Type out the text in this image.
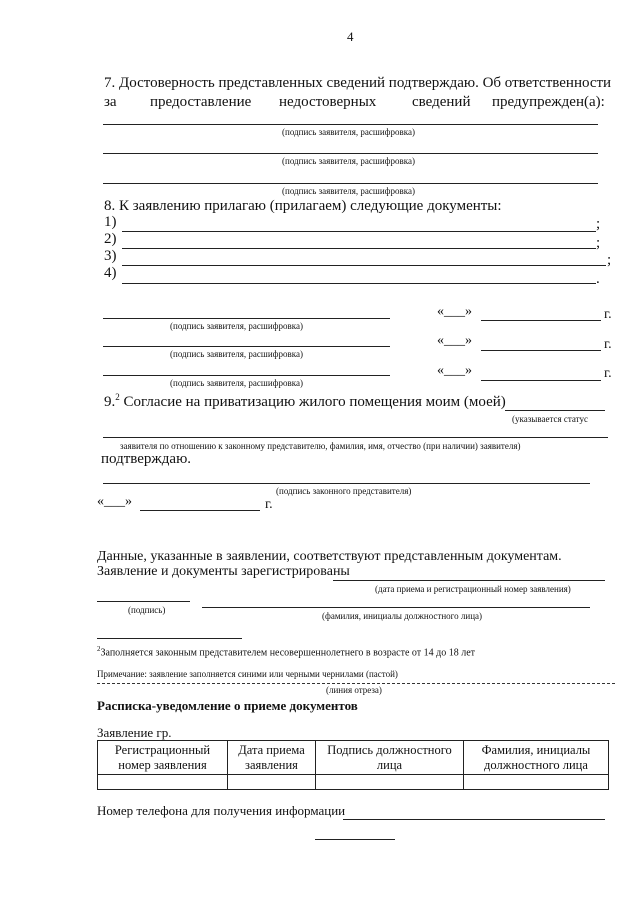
4
7. Достоверность представленных сведений подтверждаю. Об ответственности
за предоставление недостоверных сведений предупрежден(а):
(подпись заявителя, расшифровка)
(подпись заявителя, расшифровка)
(подпись заявителя, расшифровка)
8. К заявлению прилагаю (прилагаем) следующие документы:
1)	;
2)	;
3)	;
4)	.
(подпись заявителя, расшифровка)
«___»	г.
(подпись заявителя, расшифровка)
«___»	г.
(подпись заявителя, расшифровка)
«___»	г.
9.$^2$ Согласие на приватизацию жилого помещения моим (моей)
(указывается статус
заявителя по отношению к законному представителю, фамилия, имя, отчество (при наличии) заявителя)
подтверждаю.
(подпись законного представителя)
«___»	г.
Данные, указанные в заявлении, соответствуют представленным документам.
Заявление и документы зарегистрированы
(дата приема и регистрационный номер заявления)
(подпись)
(фамилия, инициалы должностного лица)
$^2$Заполняется законным представителем несовершеннолетнего в возрасте от 14 до 18 лет
Примечание: заявление заполняется синими или черными чернилами (пастой)
(линия отреза)
Расписка-уведомление о приеме документов
Заявление гр.
Регистрационный номер заявления	Дата приема заявления	Подпись должностного лица	Фамилия, инициалы должностного лица

Номер телефона для получения информации
